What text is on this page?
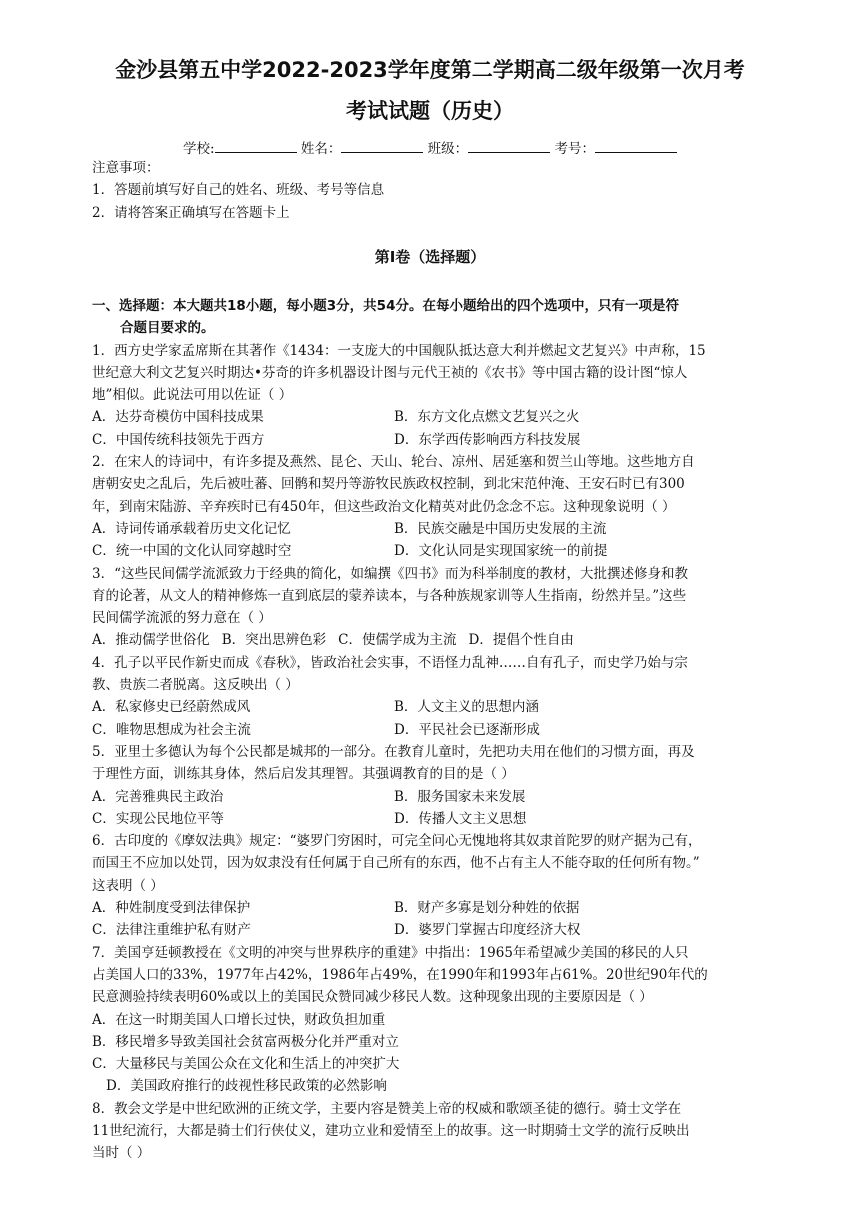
金沙县第五中学2022-2023学年度第二学期高二级年级第一次月考
考试试题（历史）
学校:	姓名：	班级：	考号：
注意事项：
1．答题前填写好自己的姓名、班级、考号等信息
2．请将答案正确填写在答题卡上
第I卷（选择题）
一、选择题：本大题共18小题，每小题3分，共54分。在每小题给出的四个选项中，只有一项是符
合题目要求的。
1．西方史学家孟席斯在其著作《1434：一支庞大的中国舰队抵达意大利并燃起文艺复兴》中声称，15
世纪意大利文艺复兴时期达•芬奇的许多机器设计图与元代王祯的《农书》等中国古籍的设计图“惊人
地”相似。此说法可用以佐证（ ）
A．达芬奇模仿中国科技成果	B．东方文化点燃文艺复兴之火
C．中国传统科技领先于西方	D．东学西传影响西方科技发展
2．在宋人的诗词中，有许多提及燕然、昆仑、天山、轮台、凉州、居延塞和贺兰山等地。这些地方自
唐朝安史之乱后，先后被吐蕃、回鹘和契丹等游牧民族政权控制，到北宋范仲淹、王安石时已有300
年，到南宋陆游、辛弃疾时已有450年，但这些政治文化精英对此仍念念不忘。这种现象说明（ ）
A．诗词传诵承载着历史文化记忆	B．民族交融是中国历史发展的主流
C．统一中国的文化认同穿越时空	D．文化认同是实现国家统一的前提
3．“这些民间儒学流派致力于经典的简化，如编撰《四书》而为科举制度的教材，大批撰述修身和教
育的论著，从文人的精神修炼一直到底层的蒙养读本，与各种族规家训等人生指南，纷然并呈。”这些
民间儒学流派的努力意在（ ）
A．推动儒学世俗化 B．突出思辨色彩 C．使儒学成为主流 D．提倡个性自由
4．孔子以平民作新史而成《春秋》，皆政治社会实事，不语怪力乱神……自有孔子，而史学乃始与宗
教、贵族二者脱离。这反映出（ ）
A．私家修史已经蔚然成风	B．人文主义的思想内涵
C．唯物思想成为社会主流	D．平民社会已逐渐形成
5．亚里士多德认为每个公民都是城邦的一部分。在教育儿童时，先把功夫用在他们的习惯方面，再及
于理性方面，训练其身体，然后启发其理智。其强调教育的目的是（ ）
A．完善雅典民主政治	B．服务国家未来发展
C．实现公民地位平等	D．传播人文主义思想
6．古印度的《摩奴法典》规定：“婆罗门穷困时，可完全问心无愧地将其奴隶首陀罗的财产据为己有，
而国王不应加以处罚，因为奴隶没有任何属于自己所有的东西，他不占有主人不能夺取的任何所有物。”
这表明（ ）
A．种姓制度受到法律保护	B．财产多寡是划分种姓的依据
C．法律注重维护私有财产	D．婆罗门掌握古印度经济大权
7．美国亨廷顿教授在《文明的冲突与世界秩序的重建》中指出：1965年希望减少美国的移民的人只
占美国人口的33%，1977年占42%，1986年占49%，在1990年和1993年占61%。20世纪90年代的
民意测验持续表明60%或以上的美国民众赞同减少移民人数。这种现象出现的主要原因是（ ）
A．在这一时期美国人口增长过快，财政负担加重
B．移民增多导致美国社会贫富两极分化并严重对立
C．大量移民与美国公众在文化和生活上的冲突扩大
D．美国政府推行的歧视性移民政策的必然影响
8．教会文学是中世纪欧洲的正统文学，主要内容是赞美上帝的权威和歌颂圣徒的德行。骑士文学在
11世纪流行，大都是骑士们行侠仗义，建功立业和爱情至上的故事。这一时期骑士文学的流行反映出
当时（ ）
